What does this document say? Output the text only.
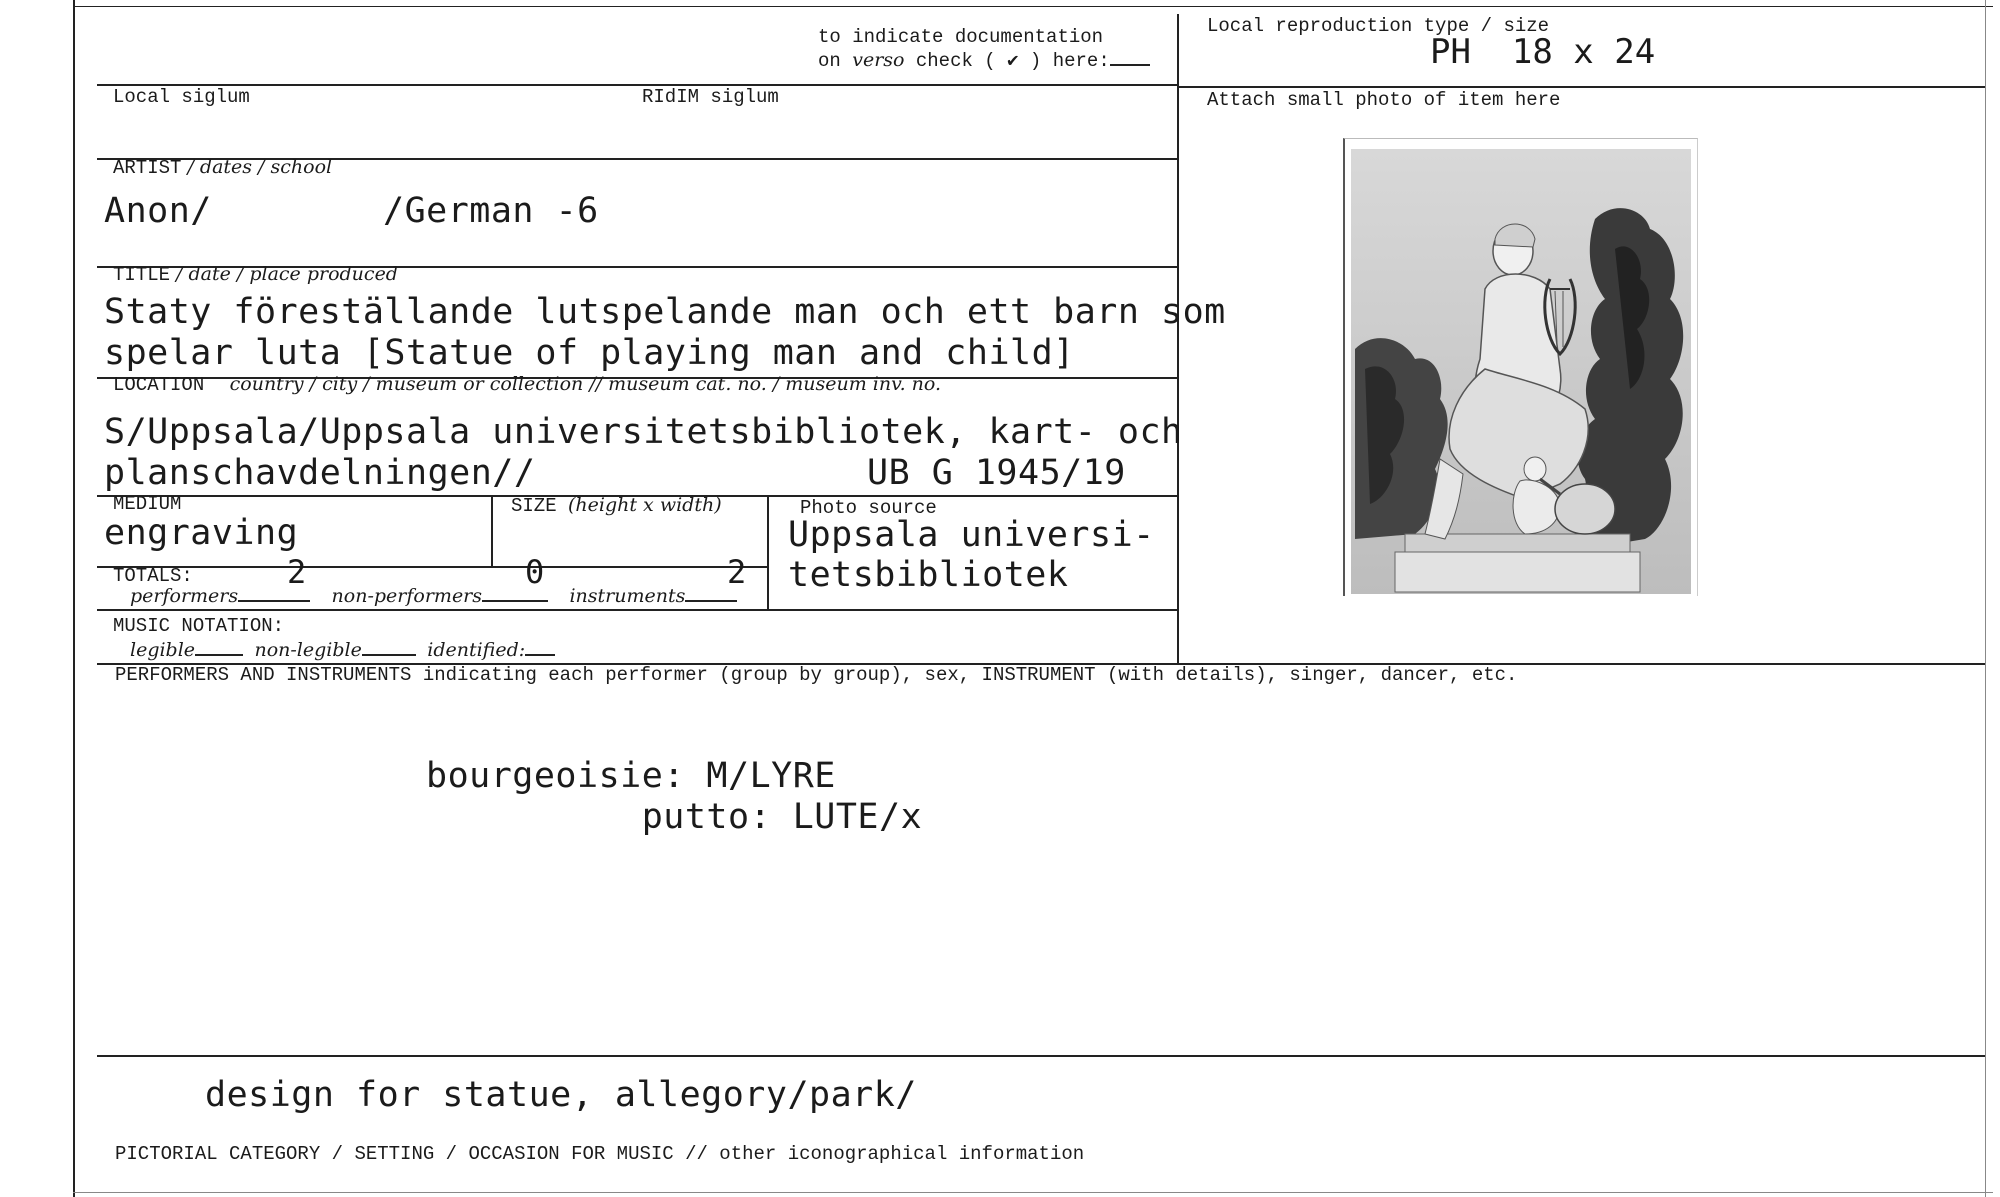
to indicate documentation
on verso check ( ✔ ) here:
Local reproduction type / size
PH  18 x 24
Local siglum	RIdIM siglum	Attach small photo of item here
ARTIST / dates / school
Anon/	/German -6
TITLE / date / place produced
Staty föreställande lutspelande man och ett barn som
spelar luta [Statue of playing man and child]
LOCATION country / city / museum or collection // museum cat. no. / museum inv. no.
S/Uppsala/Uppsala universitetsbibliotek, kart- och
planschavdelningen//	UB G 1945/19
MEDIUM
engraving
SIZE (height x width)	Photo source
Uppsala universi-
tetsbibliotek
TOTALS:	2	0	2
performers	non-performers	instruments
MUSIC NOTATION:
legible	non-legible	identified:
PERFORMERS AND INSTRUMENTS indicating each performer (group by group), sex, INSTRUMENT (with details), singer, dancer, etc.
bourgeoisie: M/LYRE
putto: LUTE/x
design for statue, allegory/park/
PICTORIAL CATEGORY / SETTING / OCCASION FOR MUSIC // other iconographical information
